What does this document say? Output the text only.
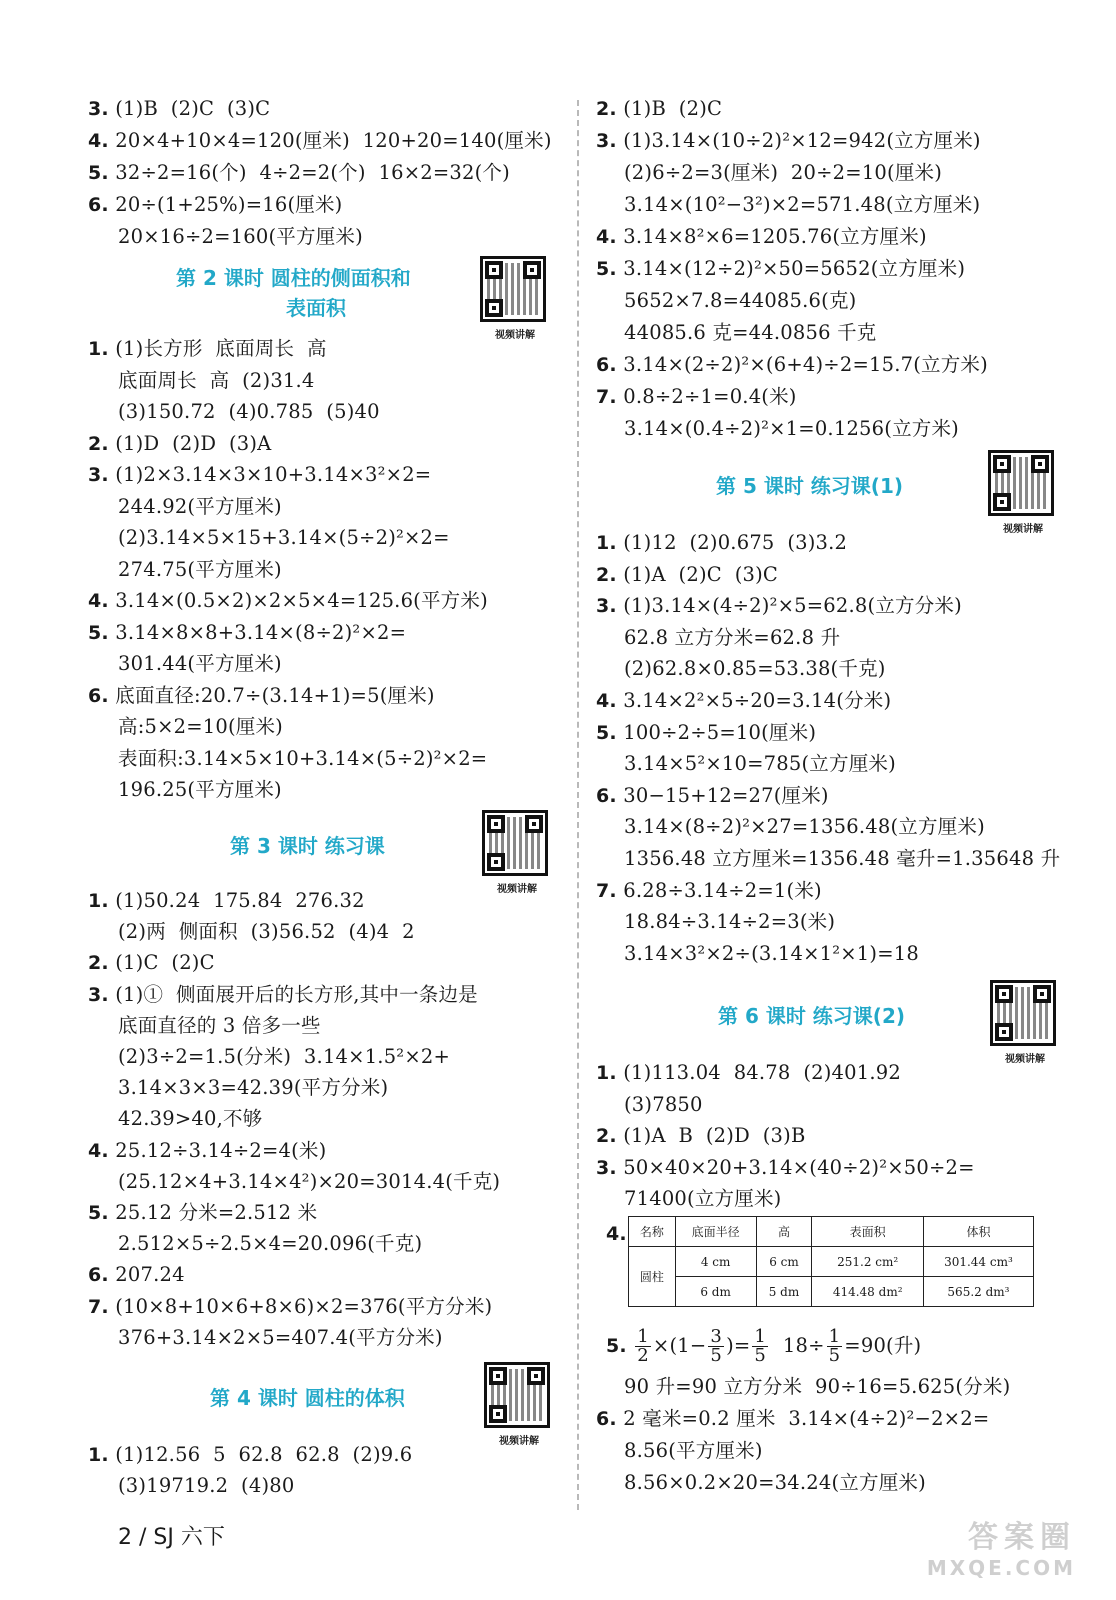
3. (1)B  (2)C  (3)C
4. 20×4+10×4=120(厘米)  120+20=140(厘米)
5. 32÷2=16(个)  4÷2=2(个)  16×2=32(个)
6. 20÷(1+25%)=16(厘米)
20×16÷2=160(平方厘米)
第 2 课时 圆柱的侧面积和
表面积
视频讲解
1. (1)长方形  底面周长  高
底面周长  高  (2)31.4
(3)150.72  (4)0.785  (5)40
2. (1)D  (2)D  (3)A
3. (1)2×3.14×3×10+3.14×3²×2=
244.92(平方厘米)
(2)3.14×5×15+3.14×(5÷2)²×2=
274.75(平方厘米)
4. 3.14×(0.5×2)×2×5×4=125.6(平方米)
5. 3.14×8×8+3.14×(8÷2)²×2=
301.44(平方厘米)
6. 底面直径:20.7÷(3.14+1)=5(厘米)
高:5×2=10(厘米)
表面积:3.14×5×10+3.14×(5÷2)²×2=
196.25(平方厘米)
第 3 课时 练习课
视频讲解
1. (1)50.24  175.84  276.32
(2)两  侧面积  (3)56.52  (4)4  2
2. (1)C  (2)C
3. (1)①  侧面展开后的长方形,其中一条边是
底面直径的 3 倍多一些
(2)3÷2=1.5(分米)  3.14×1.5²×2+
3.14×3×3=42.39(平方分米)
42.39>40,不够
4. 25.12÷3.14÷2=4(米)
(25.12×4+3.14×4²)×20=3014.4(千克)
5. 25.12 分米=2.512 米
2.512×5÷2.5×4=20.096(千克)
6. 207.24
7. (10×8+10×6+8×6)×2=376(平方分米)
376+3.14×2×5=407.4(平方分米)
第 4 课时 圆柱的体积
视频讲解
1. (1)12.56  5  62.8  62.8  (2)9.6
(3)19719.2  (4)80
2. (1)B  (2)C
3. (1)3.14×(10÷2)²×12=942(立方厘米)
(2)6÷2=3(厘米)  20÷2=10(厘米)
3.14×(10²−3²)×2=571.48(立方厘米)
4. 3.14×8²×6=1205.76(立方厘米)
5. 3.14×(12÷2)²×50=5652(立方厘米)
5652×7.8=44085.6(克)
44085.6 克=44.0856 千克
6. 3.14×(2÷2)²×(6+4)÷2=15.7(立方米)
7. 0.8÷2÷1=0.4(米)
3.14×(0.4÷2)²×1=0.1256(立方米)
第 5 课时 练习课(1)
视频讲解
1. (1)12  (2)0.675  (3)3.2
2. (1)A  (2)C  (3)C
3. (1)3.14×(4÷2)²×5=62.8(立方分米)
62.8 立方分米=62.8 升
(2)62.8×0.85=53.38(千克)
4. 3.14×2²×5÷20=3.14(分米)
5. 100÷2÷5=10(厘米)
3.14×5²×10=785(立方厘米)
6. 30−15+12=27(厘米)
3.14×(8÷2)²×27=1356.48(立方厘米)
1356.48 立方厘米=1356.48 毫升=1.35648 升
7. 6.28÷3.14÷2=1(米)
18.84÷3.14÷2=3(米)
3.14×3²×2÷(3.14×1²×1)=18
第 6 课时 练习课(2)
视频讲解
1. (1)113.04  84.78  (2)401.92
(3)7850
2. (1)A  B  (2)D  (3)B
3. 50×40×20+3.14×(40÷2)²×50÷2=
71400(立方厘米)
4. 名称	底面半径	高	表面积	体积
圆柱	4 cm	6 cm	251.2 cm²	301.44 cm³
	6 dm	5 dm	414.48 dm²	565.2 dm³
5. $\frac{1}{2} \times(1- \frac{3}{5}$ )= $\frac{1}{5} 18\div \frac{1}{5} =90$(升)
90 升=90 立方分米  90÷16=5.625(分米)
6. 2 毫米=0.2 厘米  3.14×(4÷2)²−2×2=
8.56(平方厘米)
8.56×0.2×20=34.24(立方厘米)
2 / SJ 六下	答案圈
MXQE.COM
